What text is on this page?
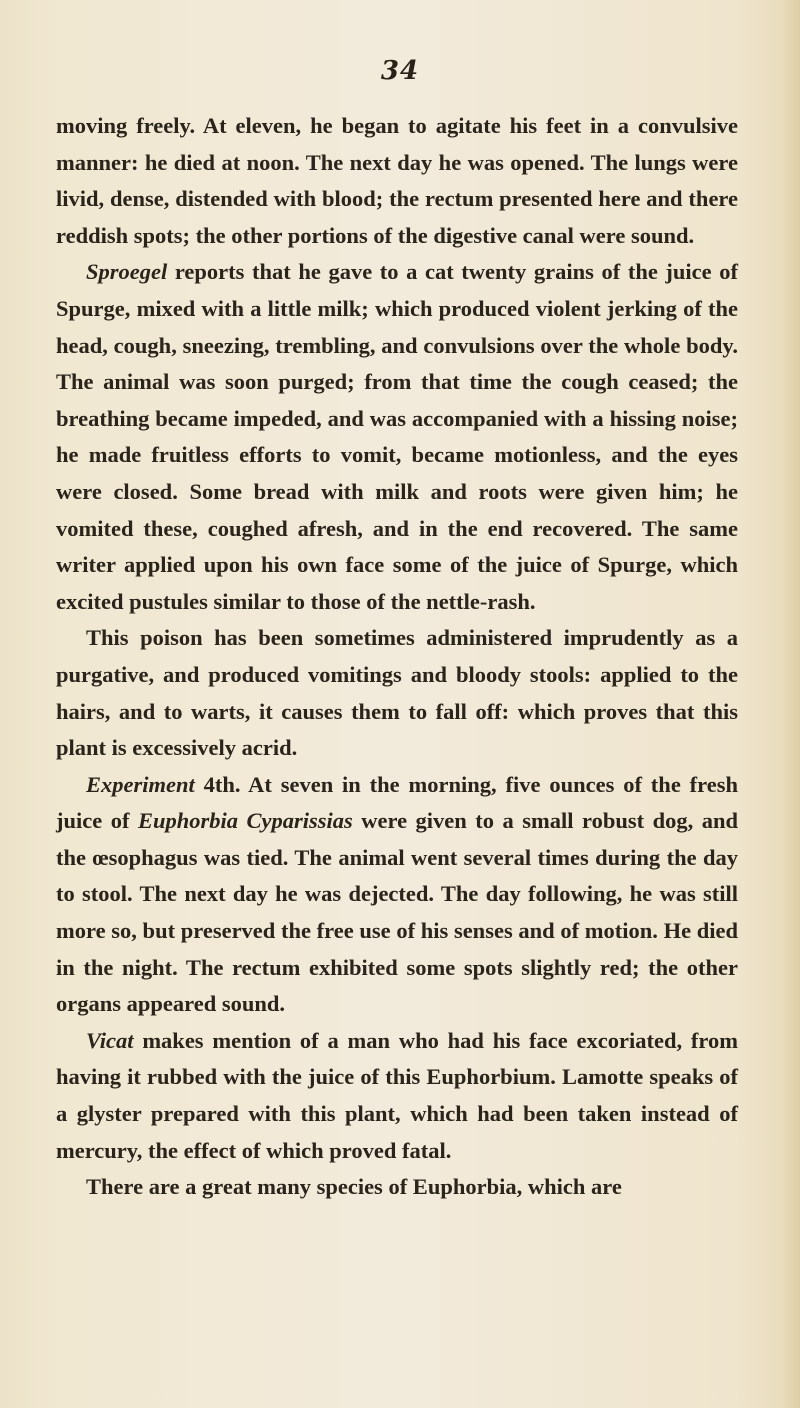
34

moving freely. At eleven, he began to agitate his feet in a convulsive manner: he died at noon. The next day he was opened. The lungs were livid, dense, distended with blood; the rectum presented here and there reddish spots; the other portions of the digestive canal were sound.

Sproegel reports that he gave to a cat twenty grains of the juice of Spurge, mixed with a little milk; which produced violent jerking of the head, cough, sneezing, trembling, and convulsions over the whole body. The animal was soon purged; from that time the cough ceased; the breathing became impeded, and was accompanied with a hissing noise; he made fruitless efforts to vomit, became motionless, and the eyes were closed. Some bread with milk and roots were given him; he vomited these, coughed afresh, and in the end recovered. The same writer applied upon his own face some of the juice of Spurge, which excited pustules similar to those of the nettle-rash.

This poison has been sometimes administered imprudently as a purgative, and produced vomitings and bloody stools: applied to the hairs, and to warts, it causes them to fall off: which proves that this plant is excessively acrid.

Experiment 4th. At seven in the morning, five ounces of the fresh juice of Euphorbia Cyparissias were given to a small robust dog, and the œsophagus was tied. The animal went several times during the day to stool. The next day he was dejected. The day following, he was still more so, but preserved the free use of his senses and of motion. He died in the night. The rectum exhibited some spots slightly red; the other organs appeared sound.

Vicat makes mention of a man who had his face excoriated, from having it rubbed with the juice of this Euphorbium. Lamotte speaks of a glyster prepared with this plant, which had been taken instead of mercury, the effect of which proved fatal.

There are a great many species of Euphorbia, which are
